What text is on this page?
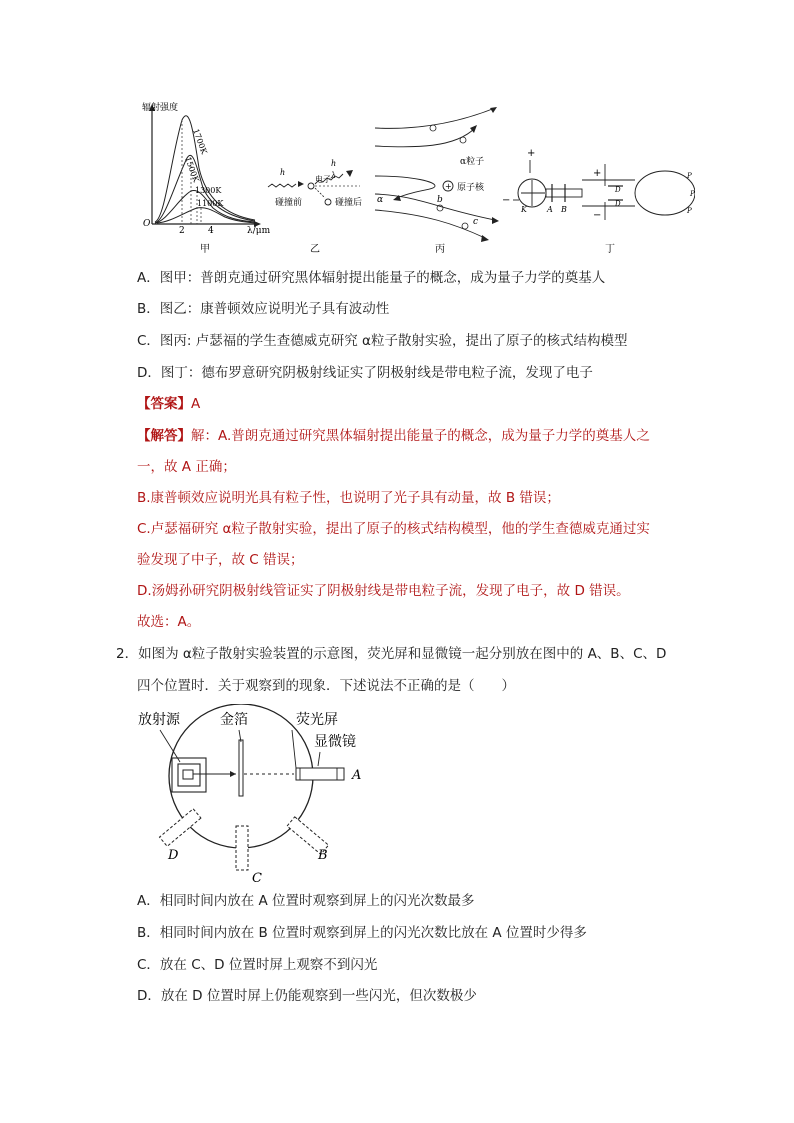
辐射强度
λ/μm
O
2	4
1700K
1500K
1300K
1100K
甲
h
电子
h
λ
碰撞前	碰撞后
乙
α粒子
+ 原子核
α	b
c
丙
+
−
K	A B
+
−
D
D
P
P
P
丁
A．图甲：普朗克通过研究黑体辐射提出能量子的概念，成为量子力学的奠基人
B．图乙：康普顿效应说明光子具有波动性
C．图丙: 卢瑟福的学生查德威克研究 α粒子散射实验，提出了原子的核式结构模型
D．图丁：德布罗意研究阴极射线证实了阴极射线是带电粒子流，发现了电子
【答案】A
【解答】解：A.普朗克通过研究黑体辐射提出能量子的概念，成为量子力学的奠基人之
一，故 A 正确；
B.康普顿效应说明光具有粒子性，也说明了光子具有动量，故 B 错误；
C.卢瑟福研究 α粒子散射实验，提出了原子的核式结构模型，他的学生查德威克通过实
验发现了中子，故 C 错误；
D.汤姆孙研究阴极射线管证实了阴极射线是带电粒子流，发现了电子，故 D 错误。
故选：A。
2．如图为 α粒子散射实验装置的示意图，荧光屏和显微镜一起分别放在图中的 A、B、C、D
四个位置时．关于观察到的现象．下述说法不正确的是（　　）
放射源	金箔	荧光屏
显微镜
A
B
C
D
A．相同时间内放在 A 位置时观察到屏上的闪光次数最多
B．相同时间内放在 B 位置时观察到屏上的闪光次数比放在 A 位置时少得多
C．放在 C、D 位置时屏上观察不到闪光
D．放在 D 位置时屏上仍能观察到一些闪光，但次数极少
